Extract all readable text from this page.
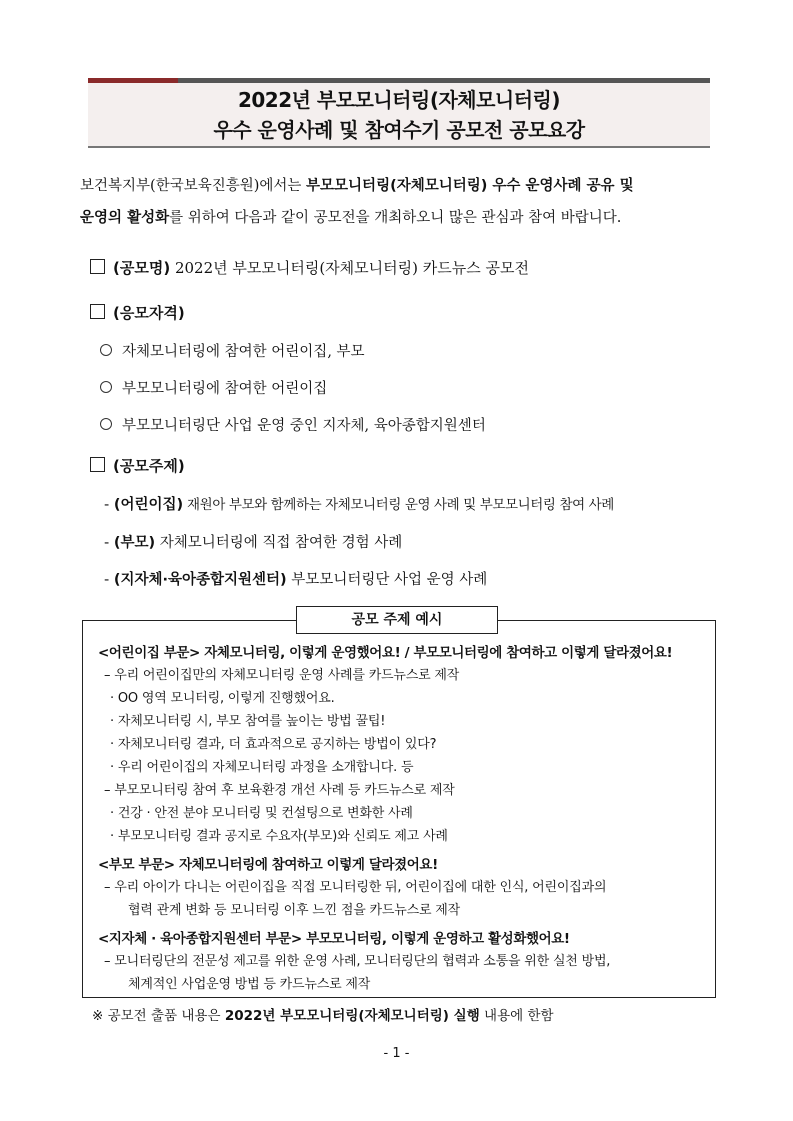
2022년 부모모니터링(자체모니터링)
우수 운영사례 및 참여수기 공모전 공모요강
보건복지부(한국보육진흥원)에서는 부모모니터링(자체모니터링) 우수 운영사례 공유 및
운영의 활성화를 위하여 다음과 같이 공모전을 개최하오니 많은 관심과 참여 바랍니다.
(공모명) 2022년 부모모니터링(자체모니터링) 카드뉴스 공모전
(응모자격)
자체모니터링에 참여한 어린이집, 부모
부모모니터링에 참여한 어린이집
부모모니터링단 사업 운영 중인 지자체, 육아종합지원센터
(공모주제)
- (어린이집) 재원아 부모와 함께하는 자체모니터링 운영 사례 및 부모모니터링 참여 사례
- (부모) 자체모니터링에 직접 참여한 경험 사례
- (지자체·육아종합지원센터) 부모모니터링단 사업 운영 사례
공모 주제 예시
<어린이집 부문> 자체모니터링, 이렇게 운영했어요! / 부모모니터링에 참여하고 이렇게 달라졌어요!
– 우리 어린이집만의 자체모니터링 운영 사례를 카드뉴스로 제작
· OO 영역 모니터링, 이렇게 진행했어요.
· 자체모니터링 시, 부모 참여를 높이는 방법 꿀팁!
· 자체모니터링 결과, 더 효과적으로 공지하는 방법이 있다?
· 우리 어린이집의 자체모니터링 과정을 소개합니다. 등
– 부모모니터링 참여 후 보육환경 개선 사례 등 카드뉴스로 제작
· 건강 · 안전 분야 모니터링 및 컨설팅으로 변화한 사례
· 부모모니터링 결과 공지로 수요자(부모)와 신뢰도 제고 사례
<부모 부문> 자체모니터링에 참여하고 이렇게 달라졌어요!
– 우리 아이가 다니는 어린이집을 직접 모니터링한 뒤, 어린이집에 대한 인식, 어린이집과의
협력 관계 변화 등 모니터링 이후 느낀 점을 카드뉴스로 제작
<지자체 · 육아종합지원센터 부문> 부모모니터링, 이렇게 운영하고 활성화했어요!
– 모니터링단의 전문성 제고를 위한 운영 사례, 모니터링단의 협력과 소통을 위한 실천 방법,
체계적인 사업운영 방법 등 카드뉴스로 제작
※ 공모전 출품 내용은 2022년 부모모니터링(자체모니터링) 실행 내용에 한함
- 1 -
